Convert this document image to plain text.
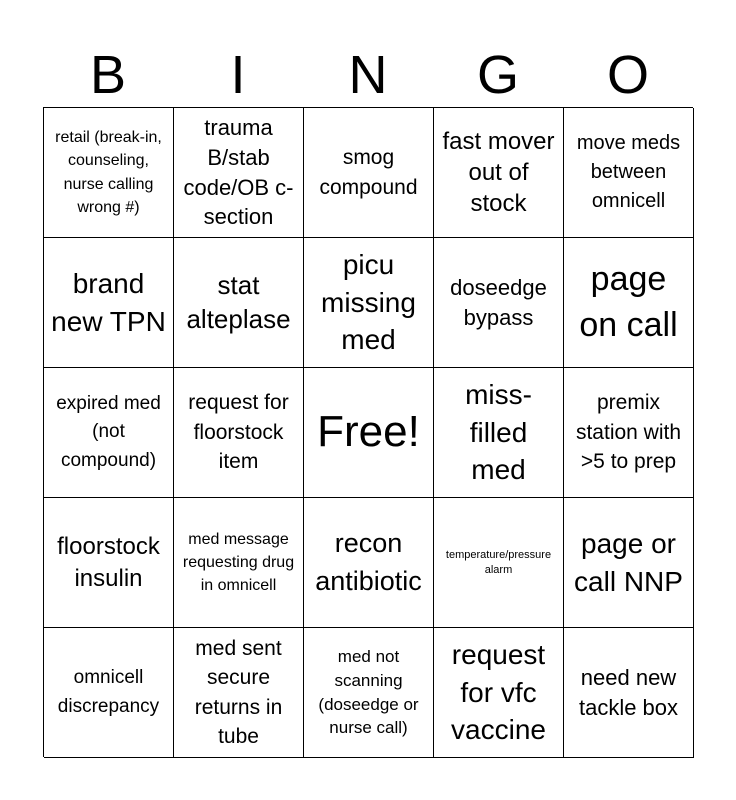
B	I	N	G	O
retail (break-in, counseling, nurse calling wrong #)
trauma B/stab code/OB c-section
smog compound
fast mover out of stock
move meds between omnicell
brand new TPN
stat alteplase
picu missing med
doseedge bypass
page on call
expired med (not compound)
request for floorstock item
Free!
miss-filled med
premix station with >5 to prep
floorstock insulin
med message requesting drug in omnicell
recon antibiotic
temperature/pressure alarm
page or call NNP
omnicell discrepancy
med sent secure returns in tube
med not scanning (doseedge or nurse call)
request for vfc vaccine
need new tackle box
